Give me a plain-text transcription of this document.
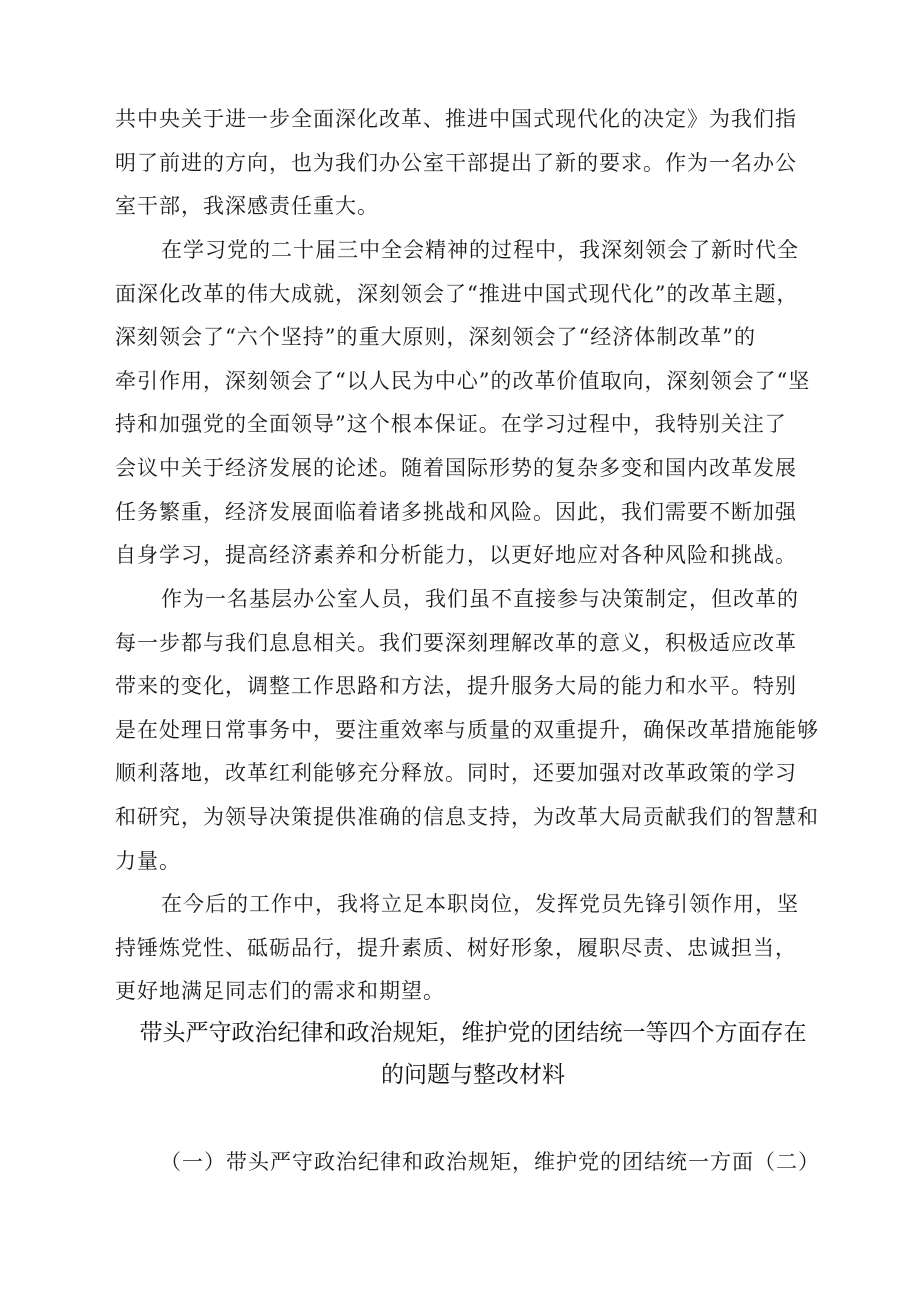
共中央关于进一步全面深化改革、推进中国式现代化的决定》为我们指
明了前进的方向，也为我们办公室干部提出了新的要求。作为一名办公
室干部，我深感责任重大。
在学习党的二十届三中全会精神的过程中，我深刻领会了新时代全
面深化改革的伟大成就，深刻领会了“推进中国式现代化”的改革主题，
深刻领会了“六个坚持”的重大原则，深刻领会了“经济体制改革”的
牵引作用，深刻领会了“以人民为中心”的改革价值取向，深刻领会了“坚
持和加强党的全面领导”这个根本保证。在学习过程中，我特别关注了
会议中关于经济发展的论述。随着国际形势的复杂多变和国内改革发展
任务繁重，经济发展面临着诸多挑战和风险。因此，我们需要不断加强
自身学习，提高经济素养和分析能力，以更好地应对各种风险和挑战。
作为一名基层办公室人员，我们虽不直接参与决策制定，但改革的
每一步都与我们息息相关。我们要深刻理解改革的意义，积极适应改革
带来的变化，调整工作思路和方法，提升服务大局的能力和水平。特别
是在处理日常事务中，要注重效率与质量的双重提升，确保改革措施能够
顺利落地，改革红利能够充分释放。同时，还要加强对改革政策的学习
和研究，为领导决策提供准确的信息支持，为改革大局贡献我们的智慧和
力量。
在今后的工作中，我将立足本职岗位，发挥党员先锋引领作用，坚
持锤炼党性、砥砺品行，提升素质、树好形象，履职尽责、忠诚担当，
更好地满足同志们的需求和期望。
带头严守政治纪律和政治规矩，维护党的团结统一等四个方面存在
的问题与整改材料
（一）带头严守政治纪律和政治规矩，维护党的团结统一方面（二）
